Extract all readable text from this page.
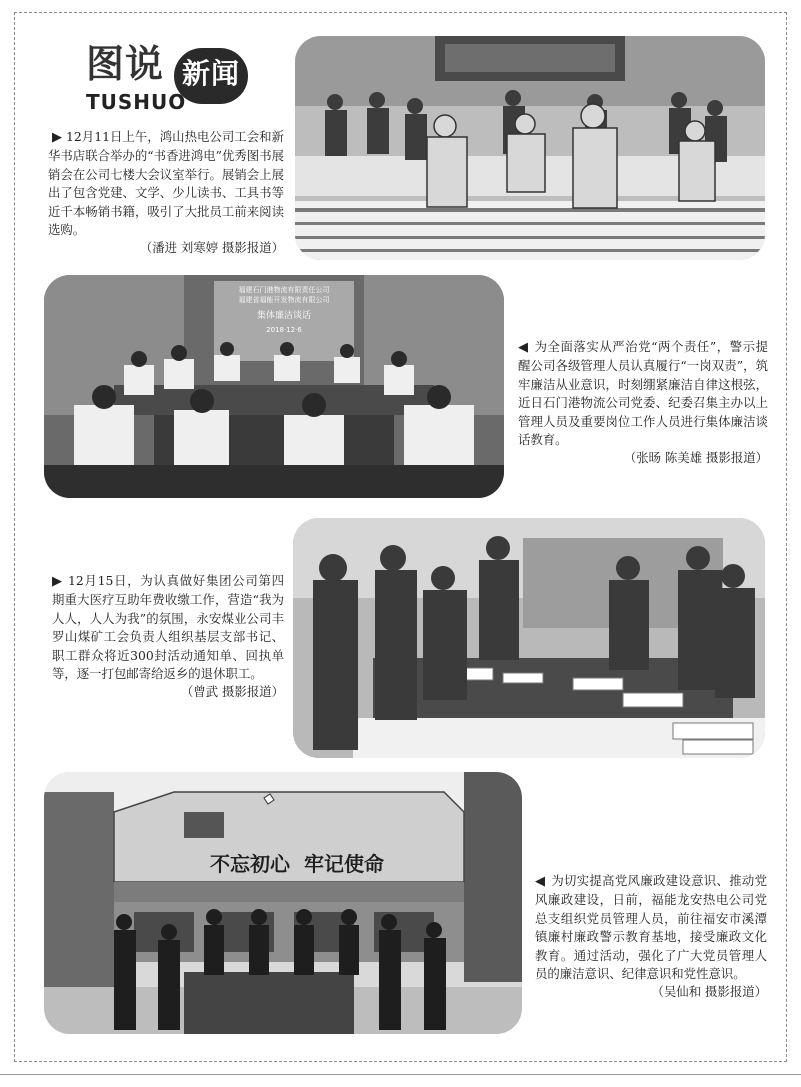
图说 新闻
TUSHUO
▶ 12月11日上午，鸿山热电公司工会和新华书店联合举办的“书香进鸿电”优秀图书展销会在公司七楼大会议室举行。展销会上展出了包含党建、文学、少儿读书、工具书等近千本畅销书籍，吸引了大批员工前来阅读选购。
（潘进 刘寒婷 摄影报道）
福建石门港物流有限责任公司
福建省福能开发物流有限公司
集体廉洁谈话
2018·12·6
◀ 为全面落实从严治党“两个责任”，警示提醒公司各级管理人员认真履行“一岗双责”，筑牢廉洁从业意识，时刻绷紧廉洁自律这根弦，近日石门港物流公司党委、纪委召集主办以上管理人员及重要岗位工作人员进行集体廉洁谈话教育。
（张旸 陈美雄 摄影报道）
▶ 12月15日，为认真做好集团公司第四期重大医疗互助年费收缴工作，营造“我为人人，人人为我”的氛围，永安煤业公司丰罗山煤矿工会负责人组织基层支部书记、职工群众将近300封活动通知单、回执单等，逐一打包邮寄给返乡的退休职工。
（曾武 摄影报道）
不忘初心  牢记使命
◀ 为切实提高党风廉政建设意识、推动党风廉政建设，日前，福能龙安热电公司党总支组织党员管理人员，前往福安市溪潭镇廉村廉政警示教育基地，接受廉政文化教育。通过活动，强化了广大党员管理人员的廉洁意识、纪律意识和党性意识。
（吴仙和 摄影报道）
